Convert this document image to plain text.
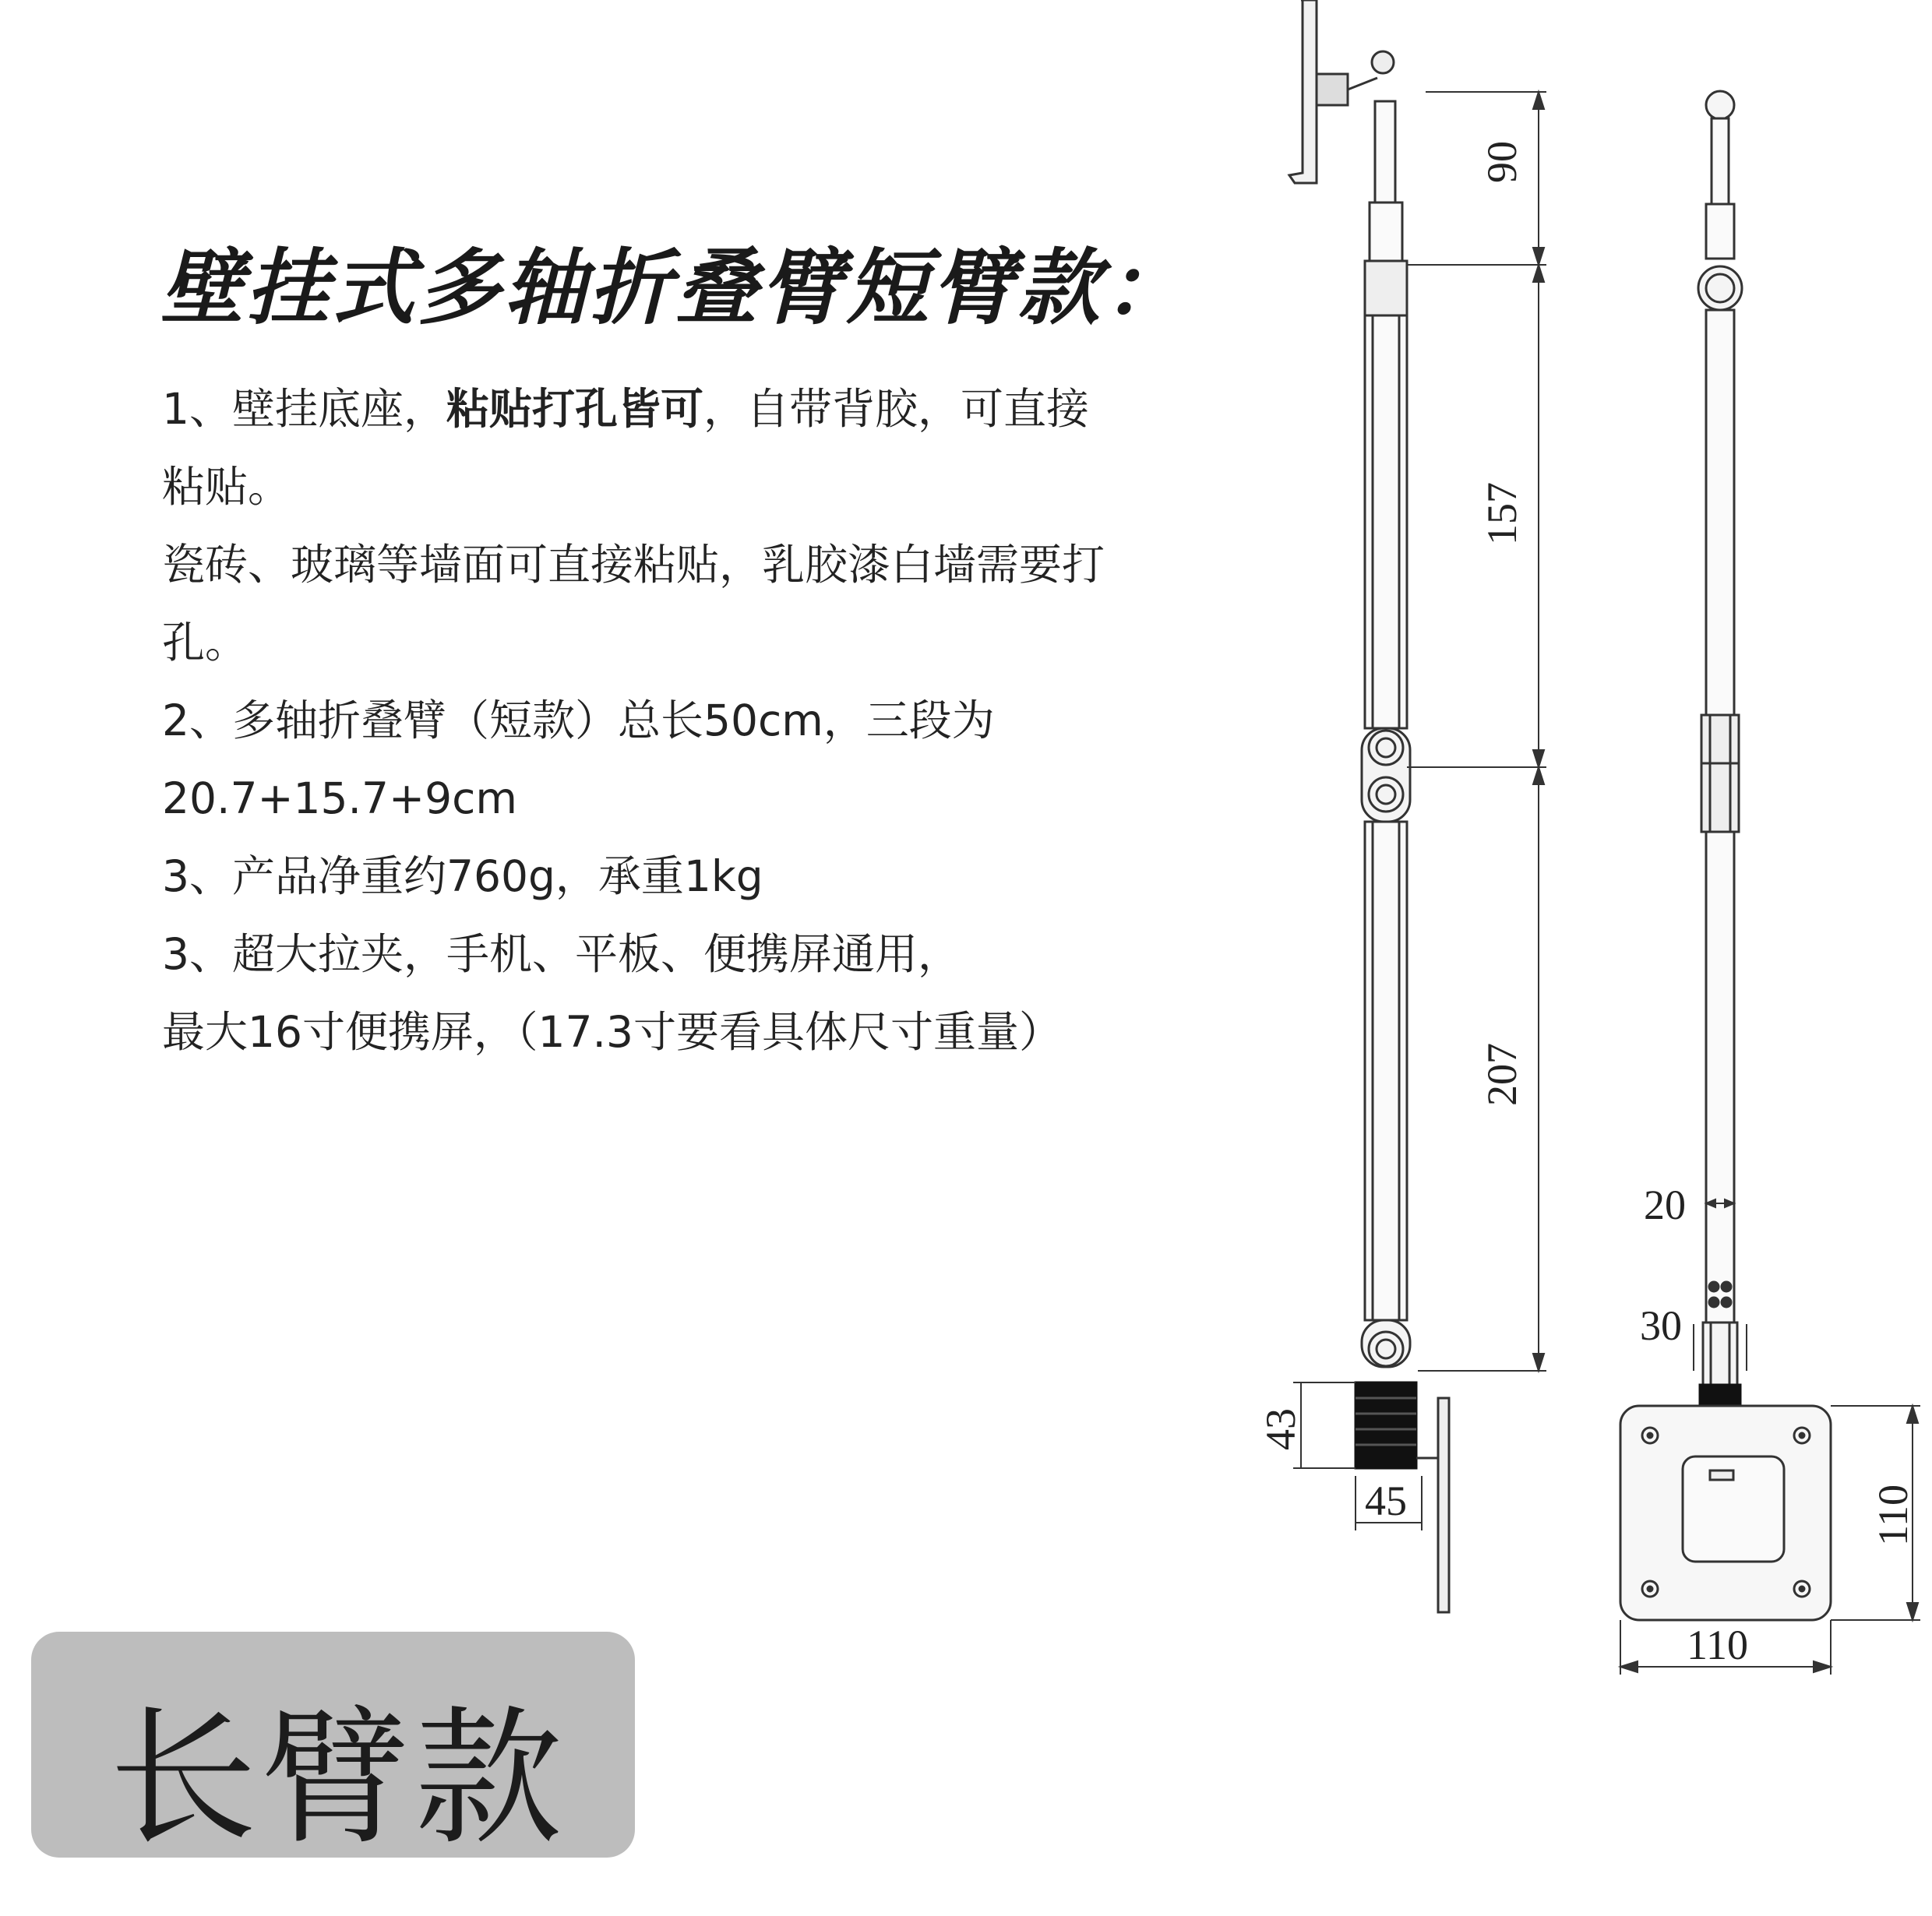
壁挂式多轴折叠臂短臂款：
1、壁挂底座，粘贴打孔皆可，自带背胶，可直接
粘贴。
瓷砖、玻璃等墙面可直接粘贴，乳胶漆白墙需要打
孔。
2、多轴折叠臂（短款）总长50cm，三段为
20.7+15.7+9cm
3、产品净重约760g，承重1kg
3、超大拉夹，手机、平板、便携屏通用，
最大16寸便携屏，（17.3寸要看具体尺寸重量）
长臂款
90
157
207
43
45
20
30
110
110
